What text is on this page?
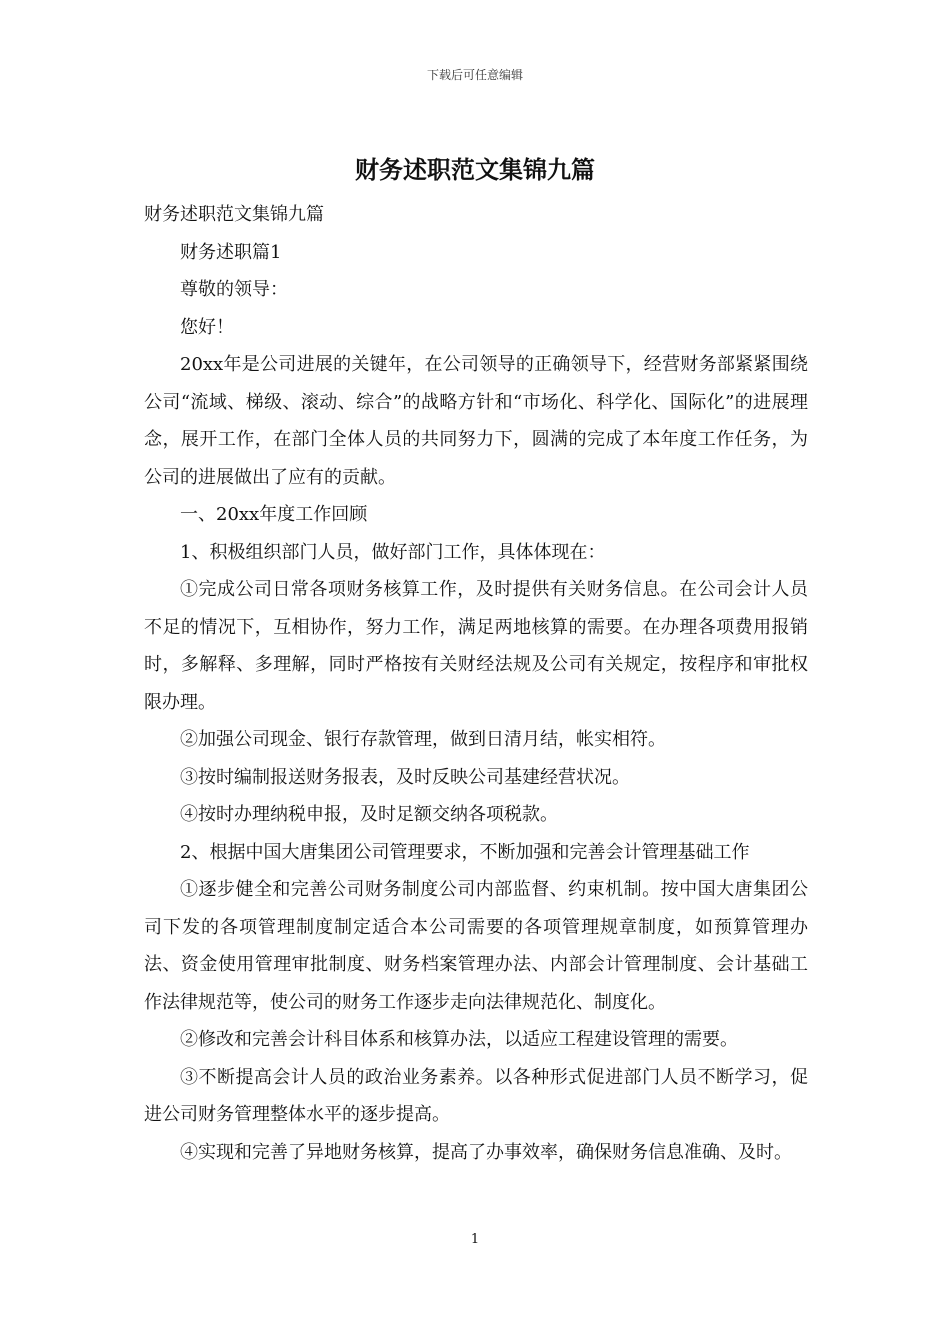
下载后可任意编辑
财务述职范文集锦九篇

财务述职范文集锦九篇

财务述职篇1

尊敬的领导：

您好！

20xx年是公司进展的关键年，在公司领导的正确领导下，经营财务部紧紧围绕公司“流域、梯级、滚动、综合”的战略方针和“市场化、科学化、国际化”的进展理念，展开工作，在部门全体人员的共同努力下，圆满的完成了本年度工作任务，为公司的进展做出了应有的贡献。

一、20xx年度工作回顾

1、积极组织部门人员，做好部门工作，具体体现在：

①完成公司日常各项财务核算工作，及时提供有关财务信息。在公司会计人员不足的情况下，互相协作，努力工作，满足两地核算的需要。在办理各项费用报销时，多解释、多理解，同时严格按有关财经法规及公司有关规定，按程序和审批权限办理。

②加强公司现金、银行存款管理，做到日清月结，帐实相符。

③按时编制报送财务报表，及时反映公司基建经营状况。

④按时办理纳税申报，及时足额交纳各项税款。

2、根据中国大唐集团公司管理要求，不断加强和完善会计管理基础工作

①逐步健全和完善公司财务制度公司内部监督、约束机制。按中国大唐集团公司下发的各项管理制度制定适合本公司需要的各项管理规章制度，如预算管理办法、资金使用管理审批制度、财务档案管理办法、内部会计管理制度、会计基础工作法律规范等，使公司的财务工作逐步走向法律规范化、制度化。

②修改和完善会计科目体系和核算办法，以适应工程建设管理的需要。

③不断提高会计人员的政治业务素养。以各种形式促进部门人员不断学习，促进公司财务管理整体水平的逐步提高。

④实现和完善了异地财务核算，提高了办事效率，确保财务信息准确、及时。

1
